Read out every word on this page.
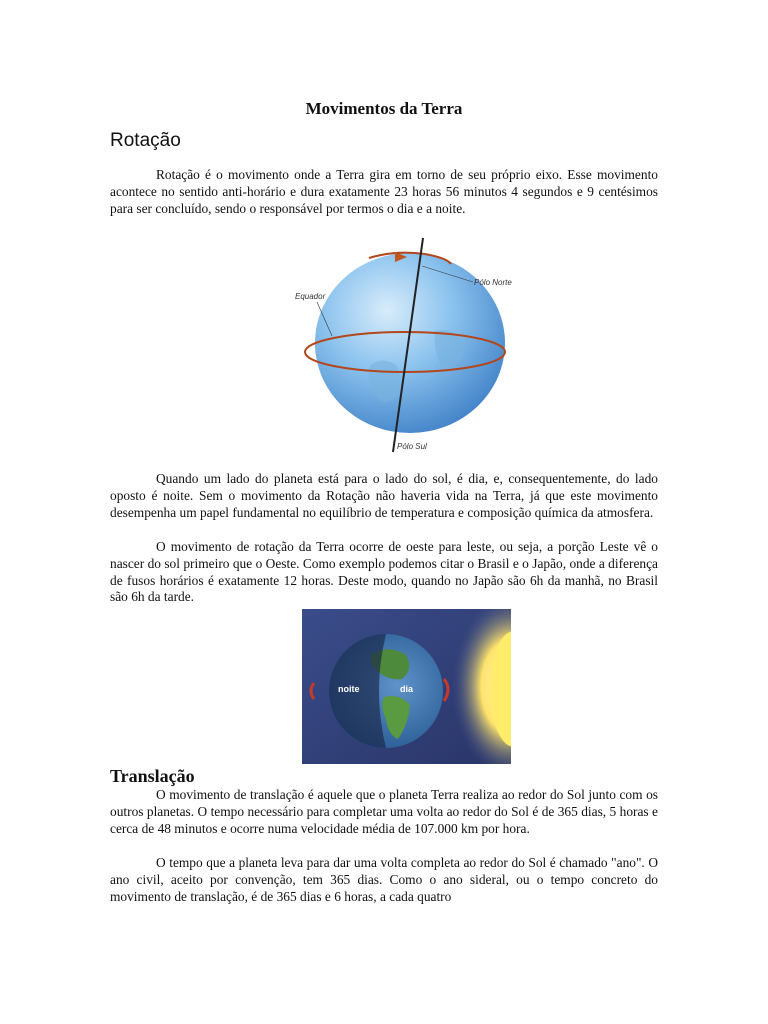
Movimentos da Terra
Rotação

Rotação é o movimento onde a Terra gira em torno de seu próprio eixo. Esse movimento acontece no sentido anti-horário e dura exatamente 23 horas 56 minutos 4 segundos e 9 centésimos para ser concluído, sendo o responsável por termos o dia e a noite.

Pólo Norte
Equador
Pólo Sul

Quando um lado do planeta está para o lado do sol, é dia, e, consequentemente, do lado oposto é noite. Sem o movimento da Rotação não haveria vida na Terra, já que este movimento desempenha um papel fundamental no equilíbrio de temperatura e composição química da atmosfera.

O movimento de rotação da Terra ocorre de oeste para leste, ou seja, a porção Leste vê o nascer do sol primeiro que o Oeste. Como exemplo podemos citar o Brasil e o Japão, onde a diferença de fusos horários é exatamente 12 horas. Deste modo, quando no Japão são 6h da manhã, no Brasil são 6h da tarde.

noite	dia
Translação

O movimento de translação é aquele que o planeta Terra realiza ao redor do Sol junto com os outros planetas. O tempo necessário para completar uma volta ao redor do Sol é de 365 dias, 5 horas e cerca de 48 minutos e ocorre numa velocidade média de 107.000 km por hora.

O tempo que a planeta leva para dar uma volta completa ao redor do Sol é chamado "ano". O ano civil, aceito por convenção, tem 365 dias. Como o ano sideral, ou o tempo concreto do movimento de translação, é de 365 dias e 6 horas, a cada quatro
